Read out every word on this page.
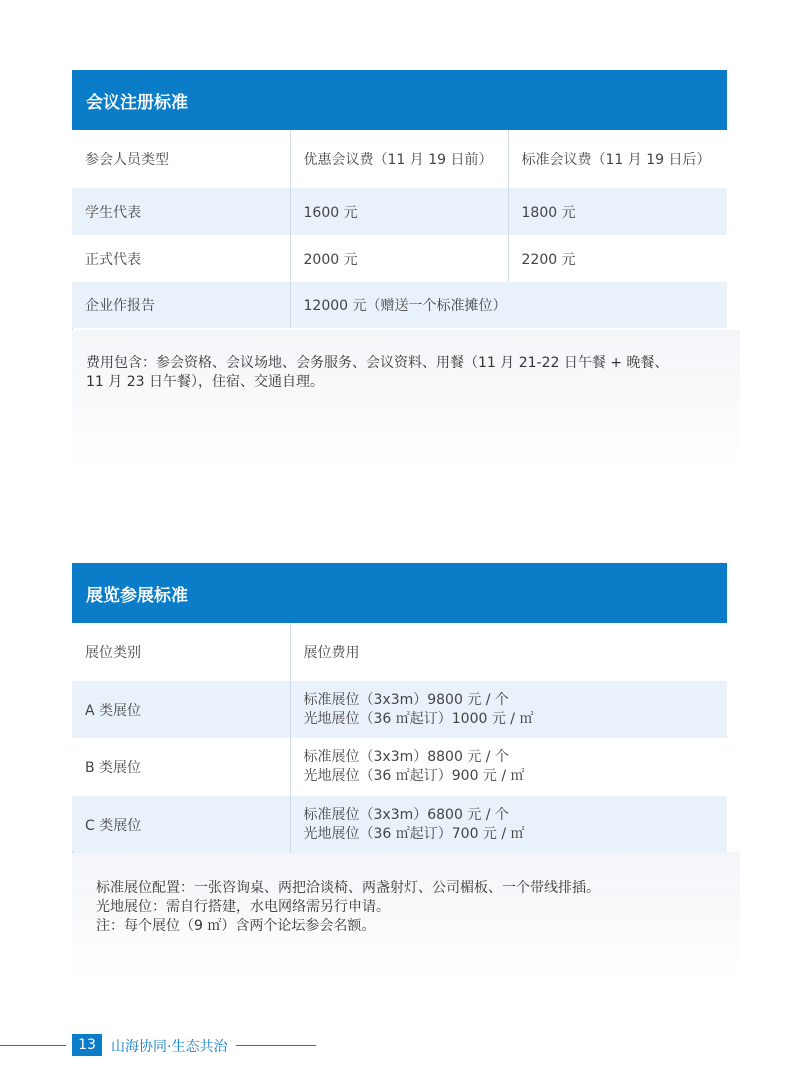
会议注册标准
参会人员类型	优惠会议费（11 月 19 日前）	标准会议费（11 月 19 日后）
学生代表	1600 元	1800 元
正式代表	2000 元	2200 元
企业作报告	12000 元（赠送一个标准摊位）	
费用包含：参会资格、会议场地、会务服务、会议资料、用餐（11 月 21-22 日午餐 + 晚餐、
11 月 23 日午餐），住宿、交通自理。
展览参展标准
展位类别	展位费用
A 类展位	标准展位（3x3m）9800 元 / 个
光地展位（36 ㎡起订）1000 元 / ㎡

B 类展位	标准展位（3x3m）8800 元 / 个
光地展位（36 ㎡起订）900 元 / ㎡

C 类展位	标准展位（3x3m）6800 元 / 个
光地展位（36 ㎡起订）700 元 / ㎡
标准展位配置：一张咨询桌、两把洽谈椅、两盏射灯、公司楣板、一个带线排插。
光地展位：需自行搭建，水电网络需另行申请。
注：每个展位（9 ㎡）含两个论坛参会名额。
13	山海协同·生态共治
